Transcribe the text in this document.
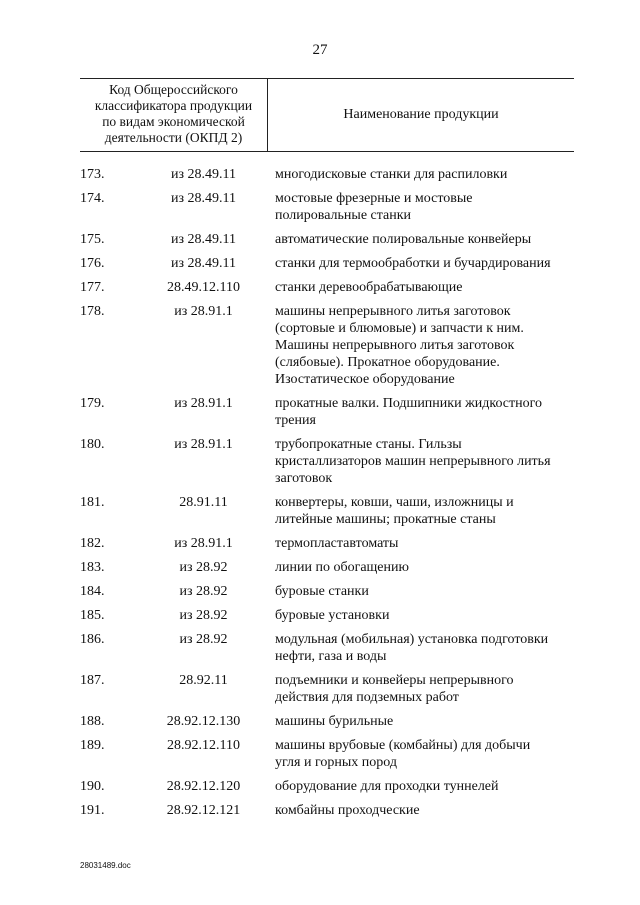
27
Код Общероссийского
классификатора продукции
по видам экономической
деятельности (ОКПД 2)
Наименование продукции
173.	из 28.49.11	многодисковые станки для распиловки
174.	из 28.49.11	мостовые фрезерные и мостовые
полировальные станки
175.	из 28.49.11	автоматические полировальные конвейеры
176.	из 28.49.11	станки для термообработки и бучардирования
177.	28.49.12.110	станки деревообрабатывающие
178.	из 28.91.1	машины непрерывного литья заготовок
(сортовые и блюмовые) и запчасти к ним.
Машины непрерывного литья заготовок
(слябовые). Прокатное оборудование.
Изостатическое оборудование
179.	из 28.91.1	прокатные валки. Подшипники жидкостного
трения
180.	из 28.91.1	трубопрокатные станы. Гильзы
кристаллизаторов машин непрерывного литья
заготовок
181.	28.91.11	конвертеры, ковши, чаши, изложницы и
литейные машины; прокатные станы
182.	из 28.91.1	термопластавтоматы
183.	из 28.92	линии по обогащению
184.	из 28.92	буровые станки
185.	из 28.92	буровые установки
186.	из 28.92	модульная (мобильная) установка подготовки
нефти, газа и воды
187.	28.92.11	подъемники и конвейеры непрерывного
действия для подземных работ
188.	28.92.12.130	машины бурильные
189.	28.92.12.110	машины врубовые (комбайны) для добычи
угля и горных пород
190.	28.92.12.120	оборудование для проходки туннелей
191.	28.92.12.121	комбайны проходческие
28031489.doc
